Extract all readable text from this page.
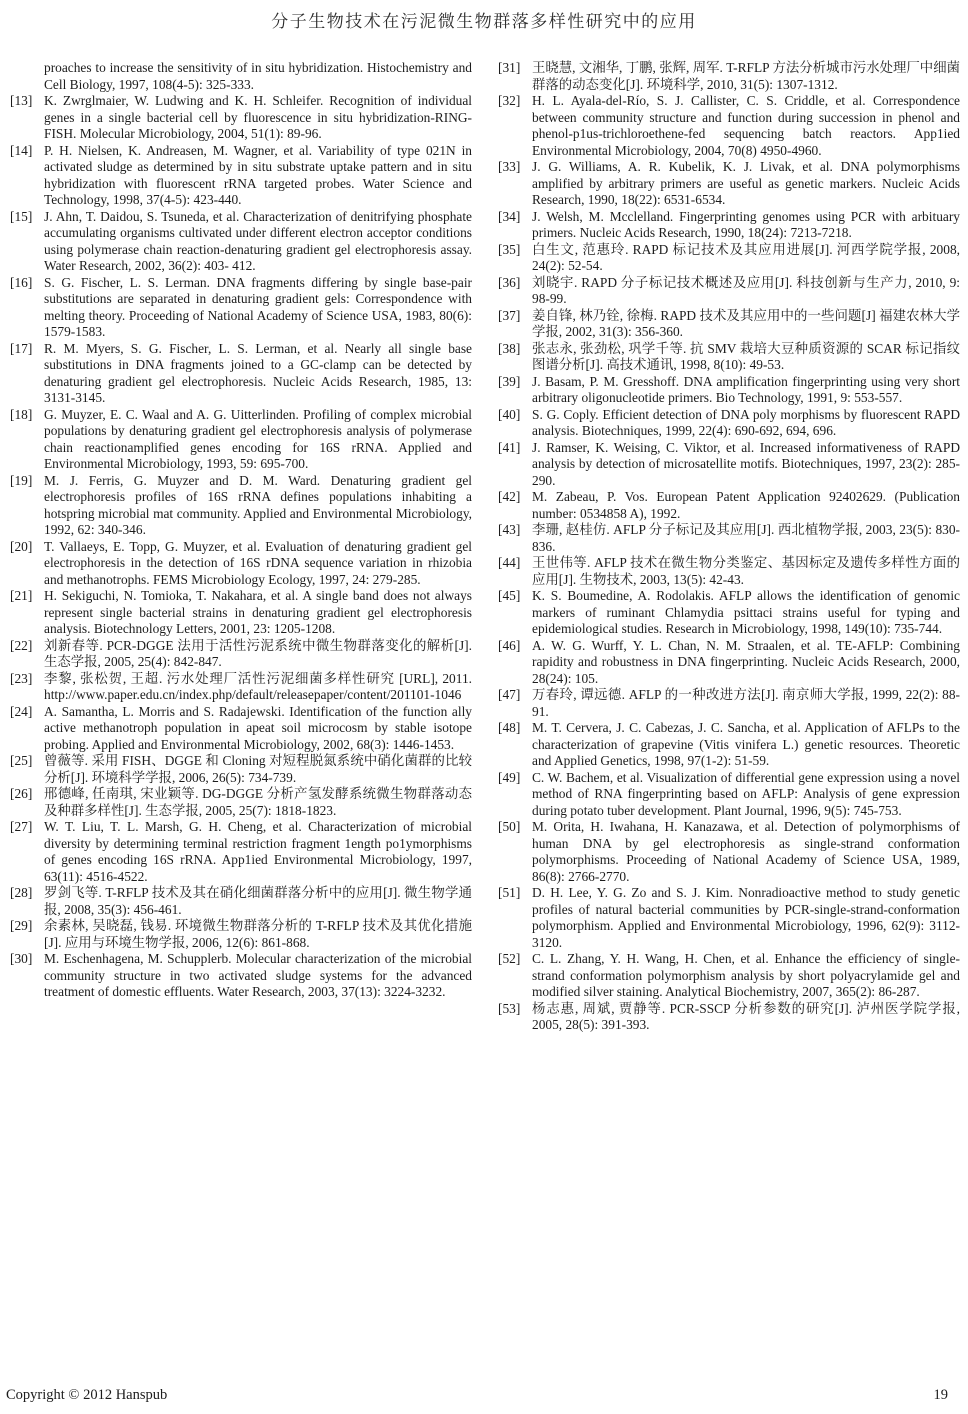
分子生物技术在污泥微生物群落多样性研究中的应用
proaches to increase the sensitivity of in situ hybridization. Histochemistry and Cell Biology, 1997, 108(4-5): 325-333.
[13] K. Zwrglmaier, W. Ludwing and K. H. Schleifer. Recognition of individual genes in a single bacterial cell by fluorescence in situ hybridization-RING-FISH. Molecular Microbiology, 2004, 51(1): 89-96.
[14] P. H. Nielsen, K. Andreasen, M. Wagner, et al. Variability of type 021N in activated sludge as determined by in situ substrate uptake pattern and in situ hybridization with fluorescent rRNA targeted probes. Water Science and Technology, 1998, 37(4-5): 423-440.
[15] J. Ahn, T. Daidou, S. Tsuneda, et al. Characterization of denitrifying phosphate accumulating organisms cultivated under different electron acceptor conditions using polymerase chain reaction-denaturing gradient gel electrophoresis assay. Water Research, 2002, 36(2): 403- 412.
[16] S. G. Fischer, L. S. Lerman. DNA fragments differing by single base-pair substitutions are separated in denaturing gradient gels: Correspondence with melting theory. Proceeding of National Academy of Science USA, 1983, 80(6): 1579-1583.
[17] R. M. Myers, S. G. Fischer, L. S. Lerman, et al. Nearly all single base substitutions in DNA fragments joined to a GC-clamp can be detected by denaturing gradient gel electrophoresis. Nucleic Acids Research, 1985, 13: 3131-3145.
[18] G. Muyzer, E. C. Waal and A. G. Uitterlinden. Profiling of complex microbial populations by denaturing gradient gel electrophoresis analysis of polymerase chain reactionamplified genes encoding for 16S rRNA. Applied and Environmental Microbiology, 1993, 59: 695-700.
[19] M. J. Ferris, G. Muyzer and D. M. Ward. Denaturing gradient gel electrophoresis profiles of 16S rRNA defines populations inhabiting a hotspring microbial mat community. Applied and Environmental Microbiology, 1992, 62: 340-346.
[20] T. Vallaeys, E. Topp, G. Muyzer, et al. Evaluation of denaturing gradient gel electrophoresis in the detection of 16S rDNA sequence variation in rhizobia and methanotrophs. FEMS Microbiology Ecology, 1997, 24: 279-285.
[21] H. Sekiguchi, N. Tomioka, T. Nakahara, et al. A single band does not always represent single bacterial strains in denaturing gradient gel electrophoresis analysis. Biotechnology Letters, 2001, 23: 1205-1208.
[22] 刘新春等. PCR-DGGE 法用于活性污泥系统中微生物群落变化的解析[J]. 生态学报, 2005, 25(4): 842-847.
[23] 李黎, 张松贺, 王超. 污水处理厂活性污泥细菌多样性研究 [URL], 2011. http://www.paper.edu.cn/index.php/default/releasepaper/content/201101-1046
[24] A. Samantha, L. Morris and S. Radajewski. Identification of the function ally active methanotroph population in apeat soil microcosm by stable isotope probing. Applied and Environmental Microbiology, 2002, 68(3): 1446-1453.
[25] 曾薇等. 采用 FISH、DGGE 和 Cloning 对短程脱氮系统中硝化菌群的比较分析[J]. 环境科学学报, 2006, 26(5): 734-739.
[26] 邢德峰, 任南琪, 宋业颖等. DG-DGGE 分析产氢发酵系统微生物群落动态及种群多样性[J]. 生态学报, 2005, 25(7): 1818-1823.
[27] W. T. Liu, T. L. Marsh, G. H. Cheng, et al. Characterization of microbial diversity by determining terminal restriction fragment 1ength po1ymorphisms of genes encoding 16S rRNA. App1ied Environmental Microbiology, 1997, 63(11): 4516-4522.
[28] 罗剑飞等. T-RFLP 技术及其在硝化细菌群落分析中的应用[J]. 微生物学通报, 2008, 35(3): 456-461.
[29] 余素林, 吴晓磊, 钱易. 环境微生物群落分析的 T-RFLP 技术及其优化措施[J]. 应用与环境生物学报, 2006, 12(6): 861-868.
[30] M. Eschenhagena, M. Schupplerb. Molecular characterization of the microbial community structure in two activated sludge systems for the advanced treatment of domestic effluents. Water Research, 2003, 37(13): 3224-3232.
[31] 王晓慧, 文湘华, 丁鹏, 张辉, 周军. T-RFLP 方法分析城市污水处理厂中细菌群落的动态变化[J]. 环境科学, 2010, 31(5): 1307-1312.
[32] H. L. Ayala-del-Río, S. J. Callister, C. S. Criddle, et al. Correspondence between community structure and function during succession in phenol and phenol-p1us-trichloroethene-fed sequencing batch reactors. App1ied Environmental Microbiology, 2004, 70(8) 4950-4960.
[33] J. G. Williams, A. R. Kubelik, K. J. Livak, et al. DNA polymorphisms amplified by arbitrary primers are useful as genetic markers. Nucleic Acids Research, 1990, 18(22): 6531-6534.
[34] J. Welsh, M. Mcclelland. Fingerprinting genomes using PCR with arbituary primers. Nucleic Acids Research, 1990, 18(24): 7213-7218.
[35] 白生文, 范惠玲. RAPD 标记技术及其应用进展[J]. 河西学院学报, 2008, 24(2): 52-54.
[36] 刘晓宇. RAPD 分子标记技术概述及应用[J]. 科技创新与生产力, 2010, 9: 98-99.
[37] 姜自锋, 林乃铨, 徐梅. RAPD 技术及其应用中的一些问题[J] 福建农林大学学报, 2002, 31(3): 356-360.
[38] 张志永, 张劲松, 巩学千等. 抗 SMV 栽培大豆种质资源的 SCAR 标记指纹图谱分析[J]. 高技术通讯, 1998, 8(10): 49-53.
[39] J. Basam, P. M. Gresshoff. DNA amplification fingerprinting using very short arbitrary oligonucleotide primers. Bio Technology, 1991, 9: 553-557.
[40] S. G. Coply. Efficient detection of DNA poly morphisms by fluorescent RAPD analysis. Biotechniques, 1999, 22(4): 690-692, 694, 696.
[41] J. Ramser, K. Weising, C. Viktor, et al. Increased informativeness of RAPD analysis by detection of microsatellite motifs. Biotechniques, 1997, 23(2): 285-290.
[42] M. Zabeau, P. Vos. European Patent Application 92402629. (Publication number: 0534858 A), 1992.
[43] 李珊, 赵桂仿. AFLP 分子标记及其应用[J]. 西北植物学报, 2003, 23(5): 830-836.
[44] 王世伟等. AFLP 技术在微生物分类鉴定、基因标定及遗传多样性方面的应用[J]. 生物技术, 2003, 13(5): 42-43.
[45] K. S. Boumedine, A. Rodolakis. AFLP allows the identification of genomic markers of ruminant Chlamydia psittaci strains useful for typing and epidemiological studies. Research in Microbiology, 1998, 149(10): 735-744.
[46] A. W. G. Wurff, Y. L. Chan, N. M. Straalen, et al. TE-AFLP: Combining rapidity and robustness in DNA fingerprinting. Nucleic Acids Research, 2000, 28(24): 105.
[47] 万春玲, 谭远德. AFLP 的一种改进方法[J]. 南京师大学报, 1999, 22(2): 88-91.
[48] M. T. Cervera, J. C. Cabezas, J. C. Sancha, et al. Application of AFLPs to the characterization of grapevine (Vitis vinifera L.) genetic resources. Theoretic and Applied Genetics, 1998, 97(1-2): 51-59.
[49] C. W. Bachem, et al. Visualization of differential gene expression using a novel method of RNA fingerprinting based on AFLP: Analysis of gene expression during potato tuber development. Plant Journal, 1996, 9(5): 745-753.
[50] M. Orita, H. Iwahana, H. Kanazawa, et al. Detection of polymorphisms of human DNA by gel electrophoresis as single-strand conformation polymorphisms. Proceeding of National Academy of Science USA, 1989, 86(8): 2766-2770.
[51] D. H. Lee, Y. G. Zo and S. J. Kim. Nonradioactive method to study genetic profiles of natural bacterial communities by PCR-single-strand-conformation polymorphism. Applied and Environmental Microbiology, 1996, 62(9): 3112-3120.
[52] C. L. Zhang, Y. H. Wang, H. Chen, et al. Enhance the efficiency of single-strand conformation polymorphism analysis by short polyacrylamide gel and modified silver staining. Analytical Biochemistry, 2007, 365(2): 86-287.
[53] 杨志惠, 周斌, 贾静等. PCR-SSCP 分析参数的研究[J]. 泸州医学院学报, 2005, 28(5): 391-393.
Copyright © 2012 Hanspub	19
